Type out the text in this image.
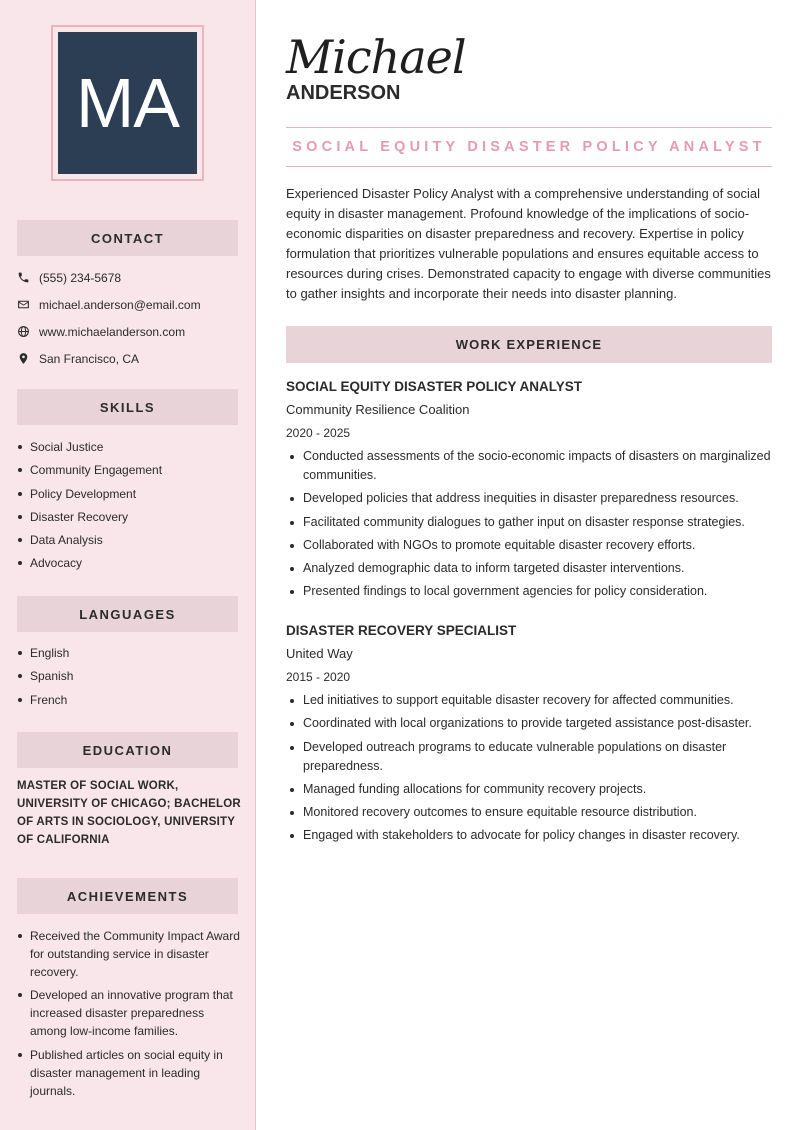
MA
CONTACT
(555) 234-5678
michael.anderson@email.com
www.michaelanderson.com
San Francisco, CA
SKILLS
Social Justice
Community Engagement
Policy Development
Disaster Recovery
Data Analysis
Advocacy
LANGUAGES
English
Spanish
French
EDUCATION
MASTER OF SOCIAL WORK, UNIVERSITY OF CHICAGO; BACHELOR OF ARTS IN SOCIOLOGY, UNIVERSITY OF CALIFORNIA
ACHIEVEMENTS
Received the Community Impact Award for outstanding service in disaster recovery.
Developed an innovative program that increased disaster preparedness among low-income families.
Published articles on social equity in disaster management in leading journals.
Michael
ANDERSON
SOCIAL EQUITY DISASTER POLICY ANALYST

Experienced Disaster Policy Analyst with a comprehensive understanding of social equity in disaster management. Profound knowledge of the implications of socio-economic disparities on disaster preparedness and recovery. Expertise in policy formulation that prioritizes vulnerable populations and ensures equitable access to resources during crises. Demonstrated capacity to engage with diverse communities to gather insights and incorporate their needs into disaster planning.

WORK EXPERIENCE
SOCIAL EQUITY DISASTER POLICY ANALYST
Community Resilience Coalition
2020 - 2025
Conducted assessments of the socio-economic impacts of disasters on marginalized communities.
Developed policies that address inequities in disaster preparedness resources.
Facilitated community dialogues to gather input on disaster response strategies.
Collaborated with NGOs to promote equitable disaster recovery efforts.
Analyzed demographic data to inform targeted disaster interventions.
Presented findings to local government agencies for policy consideration.
DISASTER RECOVERY SPECIALIST
United Way
2015 - 2020
Led initiatives to support equitable disaster recovery for affected communities.
Coordinated with local organizations to provide targeted assistance post-disaster.
Developed outreach programs to educate vulnerable populations on disaster preparedness.
Managed funding allocations for community recovery projects.
Monitored recovery outcomes to ensure equitable resource distribution.
Engaged with stakeholders to advocate for policy changes in disaster recovery.
